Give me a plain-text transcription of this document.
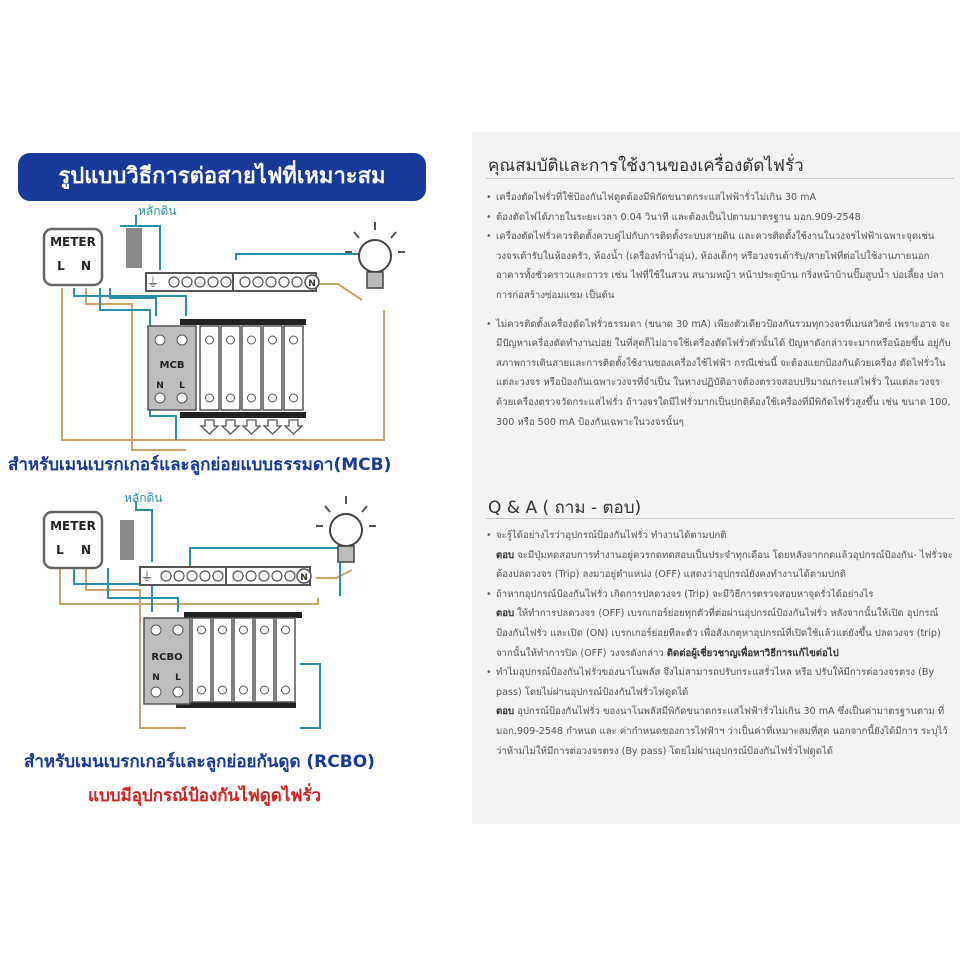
รูปแบบวิธีการต่อสายไฟที่เหมาะสม
METER
L N
หลักดิน
⏚	N
MCB
N L
สำหรับเมนเบรกเกอร์และลูกย่อยแบบธรรมดา(MCB)
METER
L N
หลักดิน
⏚	N
RCBO
N L
สำหรับเมนเบรกเกอร์และลูกย่อยกันดูด (RCBO)
แบบมีอุปกรณ์ป้องกันไฟดูดไฟรั่ว
คุณสมบัติและการใช้งานของเครื่องตัดไฟรั่ว

• เครื่องตัดไฟรั่วที่ใช้ป้องกันไฟดูดต้องมีพิกัดขนาดกระแสไฟฟ้ารั่วไม่เกิน 30 mA

• ต้องตัดไฟได้ภายในระยะเวลา 0.04 วินาที และต้องเป็นไปตามมาตรฐาน มอก.909-2548

• เครื่องตัดไฟรั่วควรติดตั้งควบคู่ไปกับการติดตั้งระบบสายดิน และควรติดตั้งใช้งานในวงจรไฟฟ้าเฉพาะจุดเช่น วงจรเต้ารับในห้องครัว, ห้องน้ำ (เครื่องทำน้ำอุ่น), ห้องเด็กๆ หรือวงจรเต้ารับ/สายไฟที่ต่อไปใช้งานภายนอก อาคารทั้งชั่วคราวและถาวร เช่น ไฟที่ใช้ในสวน สนามหญ้า หน้าประตูบ้าน กริ่งหน้าบ้านปั๊มสูบน้ำ บ่อเลี้ยง ปลา การก่อสร้างซ่อมแซม เป็นต้น

• ไม่ควรติดตั้งเครื่องตัดไฟรั่วธรรมดา (ขนาด 30 mA) เพียงตัวเดียวป้องกันรวมทุกวงจรที่เมนสวิตซ์ เพราะอาจ จะมีปัญหาเครื่องตัดทำงานบ่อย ในที่สุดก็ไม่อาจใช้เครื่องตัดไฟรั่วตัวนั้นได้ ปัญหาดังกล่าวจะมากหรือน้อยขึ้น อยู่กับสภาพการเดินสายและการติดตั้งใช้งานของเครื่องใช้ไฟฟ้า กรณีเช่นนี้ จะต้องแยกป้องกันด้วยเครื่อง ตัดไฟรั่วในแต่ละวงจร หรือป้องกันเฉพาะวงจรที่จำเป็น ในทางปฏิบัติอาจต้องตรวจสอบปริมาณกระแสไฟรั่ว ในแต่ละวงจรด้วยเครื่องตรวจวัดกระแสไฟรั่ว ถ้าวงจรใดมีไฟรั่วมากเป็นปกติต้องใช้เครื่องที่มีพิกัดไฟรั่วสูงขึ้น เช่น ขนาด 100, 300 หรือ 500 mA ป้องกันเฉพาะในวงจรนั้นๆ

Q & A ( ถาม - ตอบ)

• จะรู้ได้อย่างไรว่าอุปกรณ์ป้องกันไฟรั่ว ทำงานได้ตามปกติ

ตอบ จะมีปุ่มทดสอบการทำงานอยู่ควรกดทดสอบเป็นประจำทุกเดือน โดยหลังจากกดแล้วอุปกรณ์ป้องกัน- ไฟรั่วจะต้องปลดวงจร (Trip) ลงมาอยู่ตำแหน่ง (OFF) แสดงว่าอุปกรณ์ยังคงทำงานได้ตามปกติ

• ถ้าหากอุปกรณ์ป้องกันไฟรั่ว เกิดการปลดวงจร (Trip) จะมีวิธีการตรวจสอบหาจุดรั่วได้อย่างไร

ตอบ ให้ทำการปลดวงจร (OFF) เบรกเกอร์ย่อยทุกตัวที่ต่อผ่านอุปกรณ์ป้องกันไฟรั่ว หลังจากนั้นให้เปิด อุปกรณ์ป้องกันไฟรั่ว และเปิด (ON) เบรกเกอร์ย่อยทีละตัว เพื่อสังเกตุหาอุปกรณ์ที่เปิดใช้แล้วแต่ยังขึ้น ปลดวงจร (trip) จากนั้นให้ทำการปิด (OFF) วงจรดังกล่าว ติดต่อผู้เชี่ยวชาญเพื่อหาวิธีการแก้ไขต่อไป

• ทำไมอุปกรณ์ป้องกันไฟรั่วของนาโนพลัส จึงไม่สามารถปรับกระแสรั่วไหล หรือ ปรับให้มีการต่อวงจรตรง (By pass) โดยไม่ผ่านอุปกรณ์ป้องกันไฟรั่วไฟดูดได้

ตอบ อุปกรณ์ป้องกันไฟรั่ว ของนาโนพลัสมีพิกัดขนาดกระแสไฟฟ้ารั่วไม่เกิน 30 mA ซึ่งเป็นค่ามาตรฐานตาม ที่ มอก.909-2548 กำหนด และ ค่ากำหนดของการไฟฟ้าฯ ว่าเป็นค่าที่เหมาะสมที่สุด นอกจากนี้ยังได้มีการ ระบุไว้ว่าห้ามไม่ให้มีการต่อวงจรตรง (By pass) โดยไม่ผ่านอุปกรณ์ป้องกันไฟรั่วไฟดูดได้
